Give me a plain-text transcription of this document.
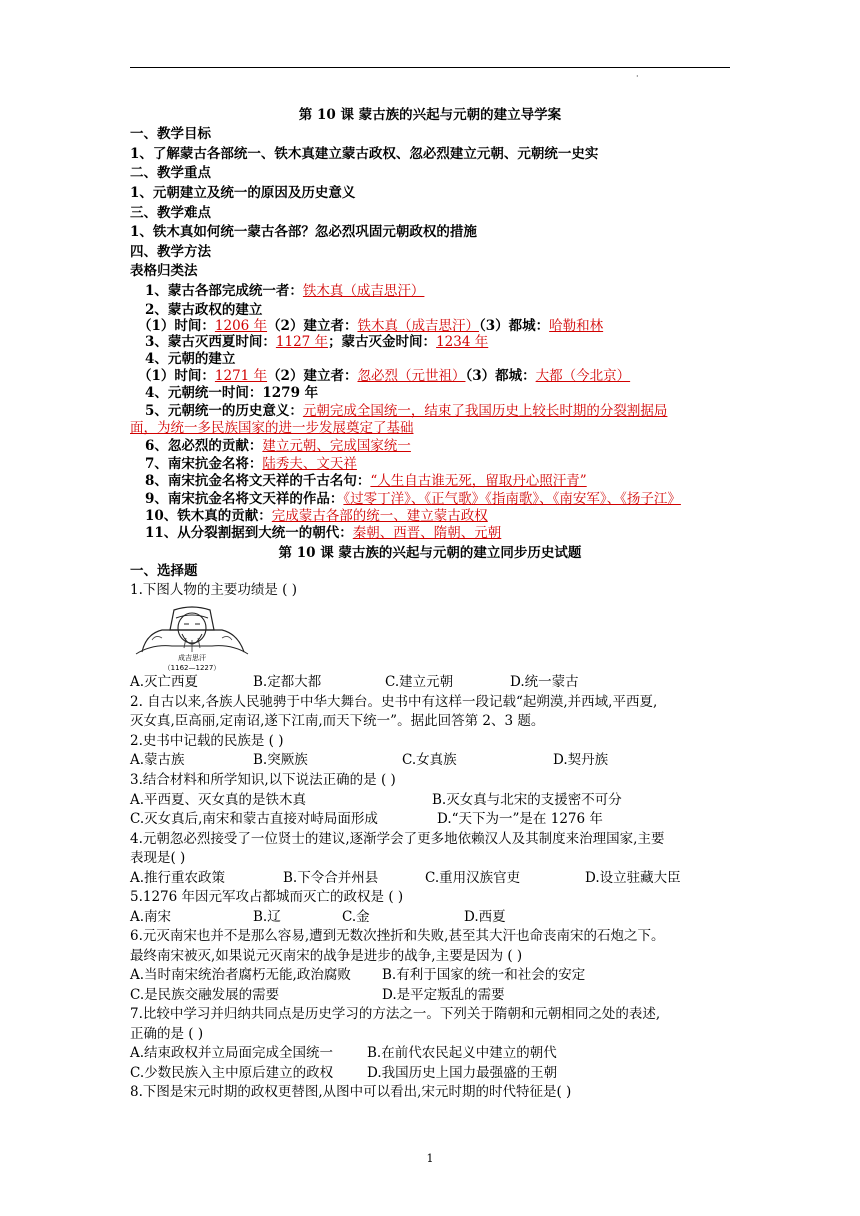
·
第 10 课 蒙古族的兴起与元朝的建立导学案
一、教学目标
1、了解蒙古各部统一、铁木真建立蒙古政权、忽必烈建立元朝、元朝统一史实
二、教学重点
1、元朝建立及统一的原因及历史意义
三、教学难点
1、铁木真如何统一蒙古各部？忽必烈巩固元朝政权的措施
四、教学方法
表格归类法
1、蒙古各部完成统一者：铁木真（成吉思汗）
2、蒙古政权的建立
（1）时间：1206 年（2）建立者：铁木真（成吉思汗）（3）都城：哈勒和林
3、蒙古灭西夏时间：1127 年；蒙古灭金时间：1234 年
4、元朝的建立
（1）时间：1271 年（2）建立者：忽必烈（元世祖）（3）都城：大都（今北京）
4、元朝统一时间：1279 年
5、元朝统一的历史意义：元朝完成全国统一，结束了我国历史上较长时期的分裂割据局
面，为统一多民族国家的进一步发展奠定了基础
6、忽必烈的贡献：建立元朝、完成国家统一
7、南宋抗金名将：陆秀夫、文天祥
8、南宋抗金名将文天祥的千古名句：“人生自古谁无死，留取丹心照汗青”
9、南宋抗金名将文天祥的作品：《过零丁洋》、《正气歌》《指南歌》、《南安军》、《扬子江》
10、铁木真的贡献：完成蒙古各部的统一、建立蒙古政权
11、从分裂割据到大统一的朝代：秦朝、西晋、隋朝、元朝
第 10 课 蒙古族的兴起与元朝的建立同步历史试题
一、选择题
1.下图人物的主要功绩是 ( )
成吉思汗
（1162—1227）
A.灭亡西夏	B.定都大都	C.建立元朝	D.统一蒙古
2. 自古以来,各族人民驰骋于中华大舞台。史书中有这样一段记载“起朔漠,并西域,平西夏,
灭女真,臣高丽,定南诏,遂下江南,而天下统一”。据此回答第 2、3 题。
2.史书中记载的民族是 ( )
A.蒙古族	B.突厥族	C.女真族	D.契丹族
3.结合材料和所学知识,以下说法正确的是 ( )
A.平西夏、灭女真的是铁木真	B.灭女真与北宋的支援密不可分
C.灭女真后,南宋和蒙古直接对峙局面形成	D.“天下为一”是在 1276 年
4.元朝忽必烈接受了一位贤士的建议,逐渐学会了更多地依赖汉人及其制度来治理国家,主要
表现是( )
A.推行重农政策	B.下令合并州县	C.重用汉族官吏	D.设立驻藏大臣
5.1276 年因元军攻占都城而灭亡的政权是 ( )
A.南宋	B.辽	C.金	D.西夏
6.元灭南宋也并不是那么容易,遭到无数次挫折和失败,甚至其大汗也命丧南宋的石炮之下。
最终南宋被灭,如果说元灭南宋的战争是进步的战争,主要是因为 ( )
A.当时南宋统治者腐朽无能,政治腐败 B.有利于国家的统一和社会的安定
C.是民族交融发展的需要	D.是平定叛乱的需要
7.比较中学习并归纳共同点是历史学习的方法之一。下列关于隋朝和元朝相同之处的表述,
正确的是 ( )
A.结束政权并立局面完成全国统一	B.在前代农民起义中建立的朝代
C.少数民族入主中原后建立的政权	D.我国历史上国力最强盛的王朝
8.下图是宋元时期的政权更替图,从图中可以看出,宋元时期的时代特征是( )
1
